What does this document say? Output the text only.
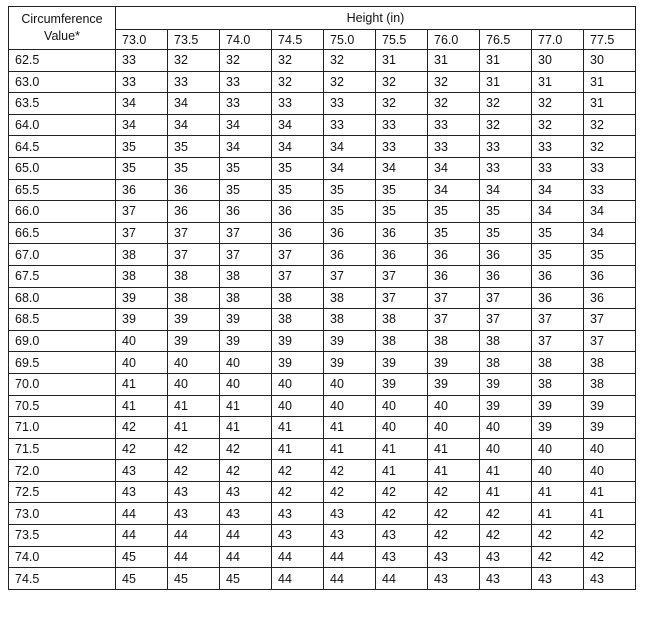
Circumference
Value*	Height (in)									
	73.0	73.5	74.0	74.5	75.0	75.5	76.0	76.5	77.0	77.5
62.5	33	32	32	32	32	31	31	31	30	30
63.0	33	33	33	32	32	32	32	31	31	31
63.5	34	34	33	33	33	32	32	32	32	31
64.0	34	34	34	34	33	33	33	32	32	32
64.5	35	35	34	34	34	33	33	33	33	32
65.0	35	35	35	35	34	34	34	33	33	33
65.5	36	36	35	35	35	35	34	34	34	33
66.0	37	36	36	36	35	35	35	35	34	34
66.5	37	37	37	36	36	36	35	35	35	34
67.0	38	37	37	37	36	36	36	36	35	35
67.5	38	38	38	37	37	37	36	36	36	36
68.0	39	38	38	38	38	37	37	37	36	36
68.5	39	39	39	38	38	38	37	37	37	37
69.0	40	39	39	39	39	38	38	38	37	37
69.5	40	40	40	39	39	39	39	38	38	38
70.0	41	40	40	40	40	39	39	39	38	38
70.5	41	41	41	40	40	40	40	39	39	39
71.0	42	41	41	41	41	40	40	40	39	39
71.5	42	42	42	41	41	41	41	40	40	40
72.0	43	42	42	42	42	41	41	41	40	40
72.5	43	43	43	42	42	42	42	41	41	41
73.0	44	43	43	43	43	42	42	42	41	41
73.5	44	44	44	43	43	43	42	42	42	42
74.0	45	44	44	44	44	43	43	43	42	42
74.5	45	45	45	44	44	44	43	43	43	43
